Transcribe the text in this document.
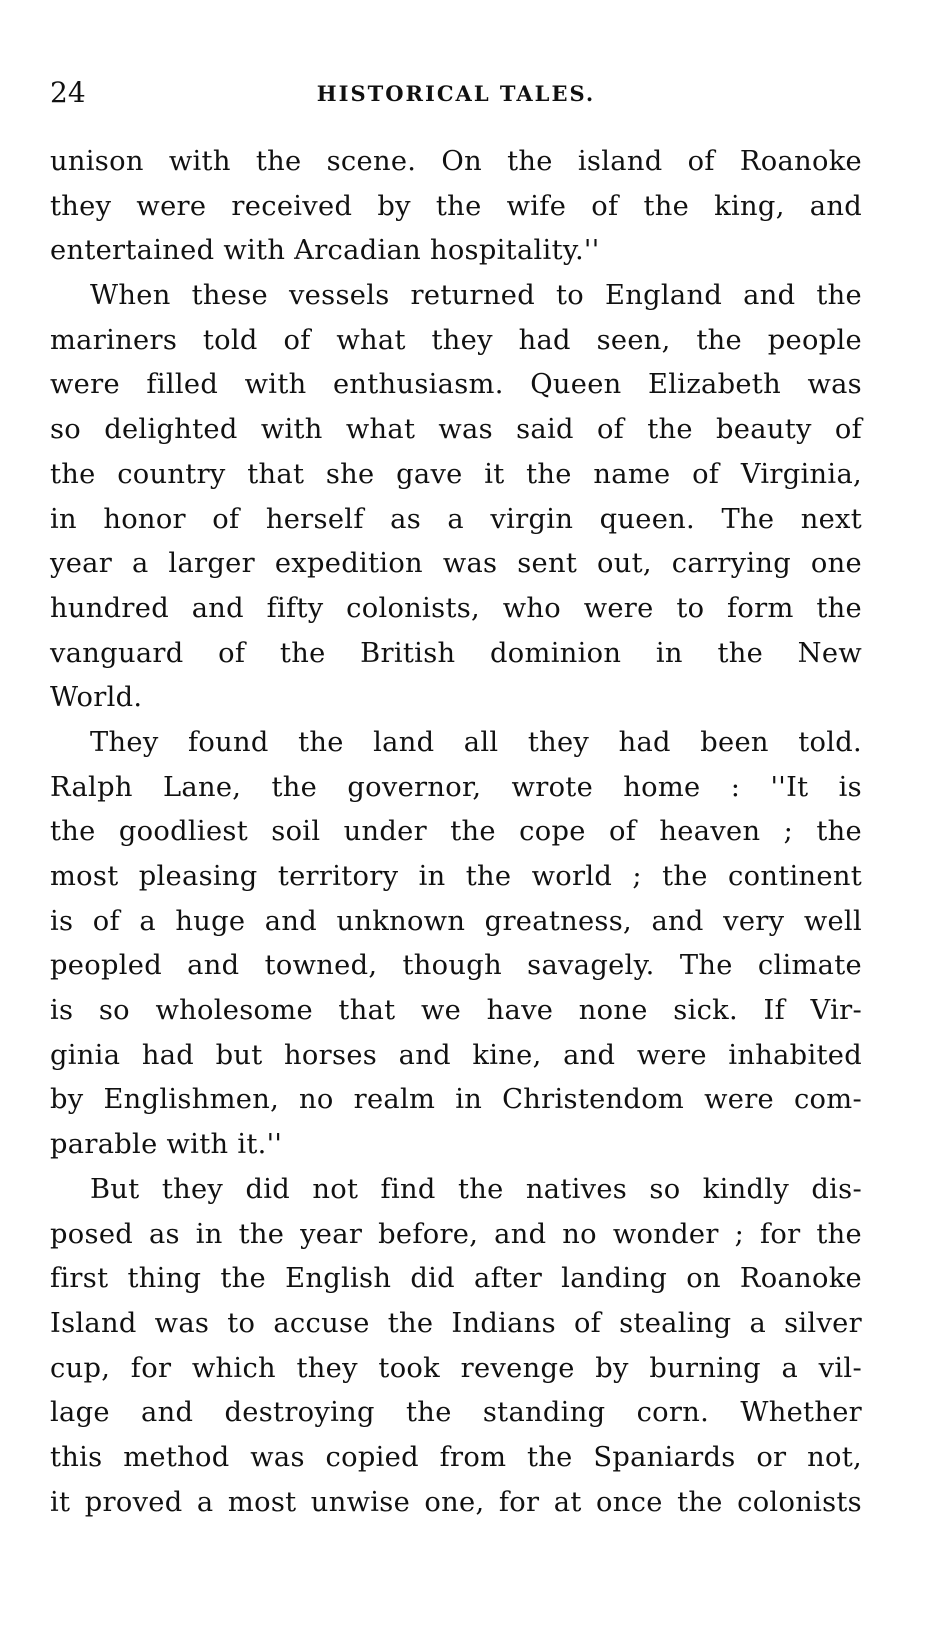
24	HISTORICAL TALES.
unison with the scene. On the island of Roanoke
they were received by the wife of the king, and
entertained with Arcadian hospitality.''
When these vessels returned to England and the
mariners told of what they had seen, the people
were filled with enthusiasm. Queen Elizabeth was
so delighted with what was said of the beauty of
the country that she gave it the name of Virginia,
in honor of herself as a virgin queen. The next
year a larger expedition was sent out, carrying one
hundred and fifty colonists, who were to form the
vanguard of the British dominion in the New
World.
They found the land all they had been told.
Ralph Lane, the governor, wrote home : ''It is
the goodliest soil under the cope of heaven ; the
most pleasing territory in the world ; the continent
is of a huge and unknown greatness, and very well
peopled and towned, though savagely. The climate
is so wholesome that we have none sick. If Vir-
ginia had but horses and kine, and were inhabited
by Englishmen, no realm in Christendom were com-
parable with it.''
But they did not find the natives so kindly dis-
posed as in the year before, and no wonder ; for the
first thing the English did after landing on Roanoke
Island was to accuse the Indians of stealing a silver
cup, for which they took revenge by burning a vil-
lage and destroying the standing corn. Whether
this method was copied from the Spaniards or not,
it proved a most unwise one, for at once the colonists
